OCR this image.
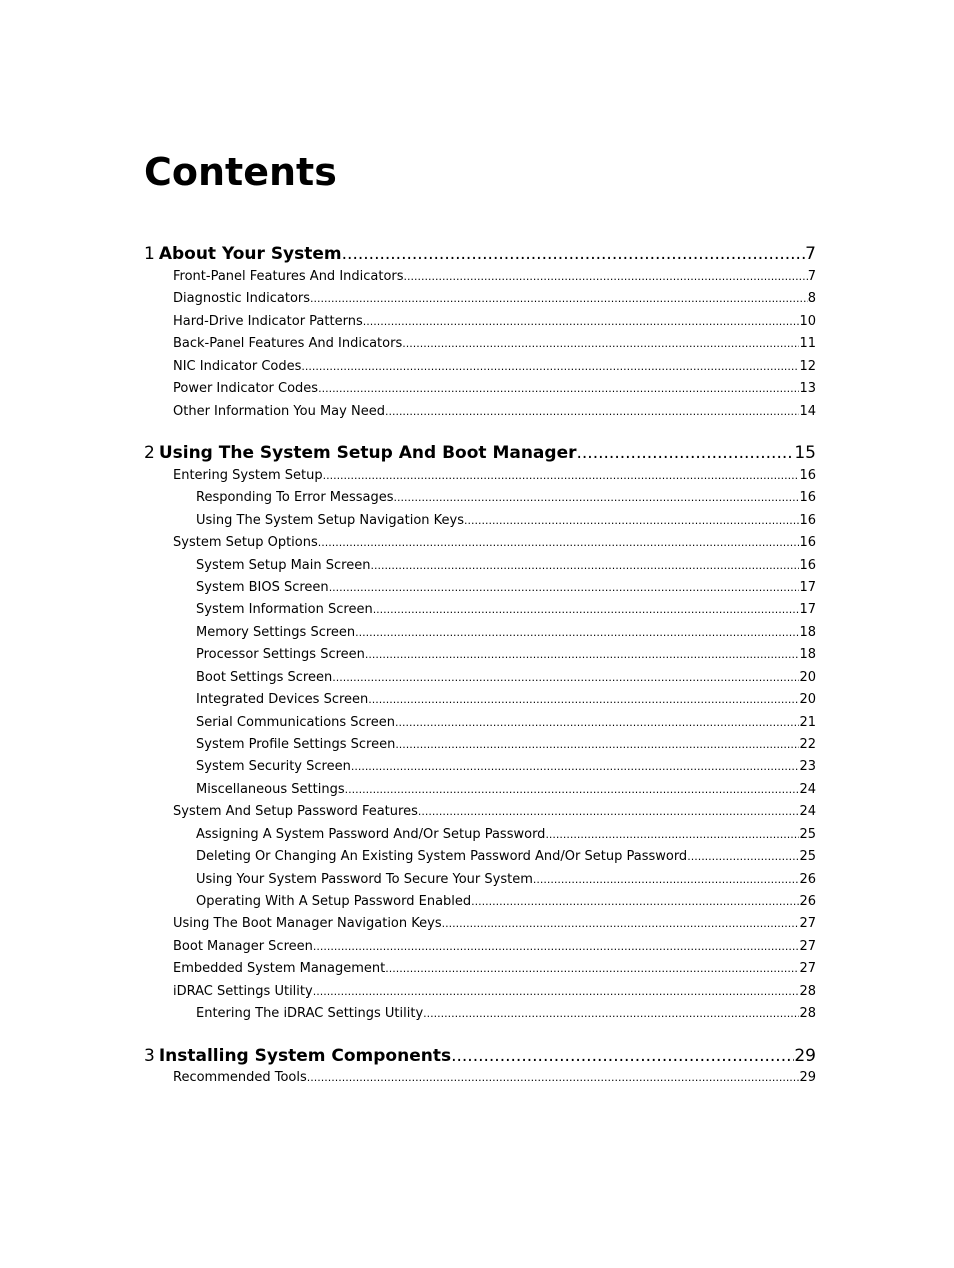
Contents
1 About Your System .....	7
Front-Panel Features And Indicators .....	7
Diagnostic Indicators .....	8
Hard-Drive Indicator Patterns .....	10
Back-Panel Features And Indicators .....	11
NIC Indicator Codes .....	12
Power Indicator Codes .....	13
Other Information You May Need .....	14
2 Using The System Setup And Boot Manager .....	15
Entering System Setup .....	16
Responding To Error Messages .....	16
Using The System Setup Navigation Keys .....	16
System Setup Options .....	16
System Setup Main Screen .....	16
System BIOS Screen .....	17
System Information Screen .....	17
Memory Settings Screen .....	18
Processor Settings Screen .....	18
Boot Settings Screen .....	20
Integrated Devices Screen .....	20
Serial Communications Screen .....	21
System Profile Settings Screen .....	22
System Security Screen .....	23
Miscellaneous Settings .....	24
System And Setup Password Features .....	24
Assigning A System Password And/Or Setup Password .....	25
Deleting Or Changing An Existing System Password And/Or Setup Password .....	25
Using Your System Password To Secure Your System .....	26
Operating With A Setup Password Enabled .....	26
Using The Boot Manager Navigation Keys .....	27
Boot Manager Screen .....	27
Embedded System Management .....	27
iDRAC Settings Utility .....	28
Entering The iDRAC Settings Utility .....	28
3 Installing System Components .....	29
Recommended Tools .....	29
